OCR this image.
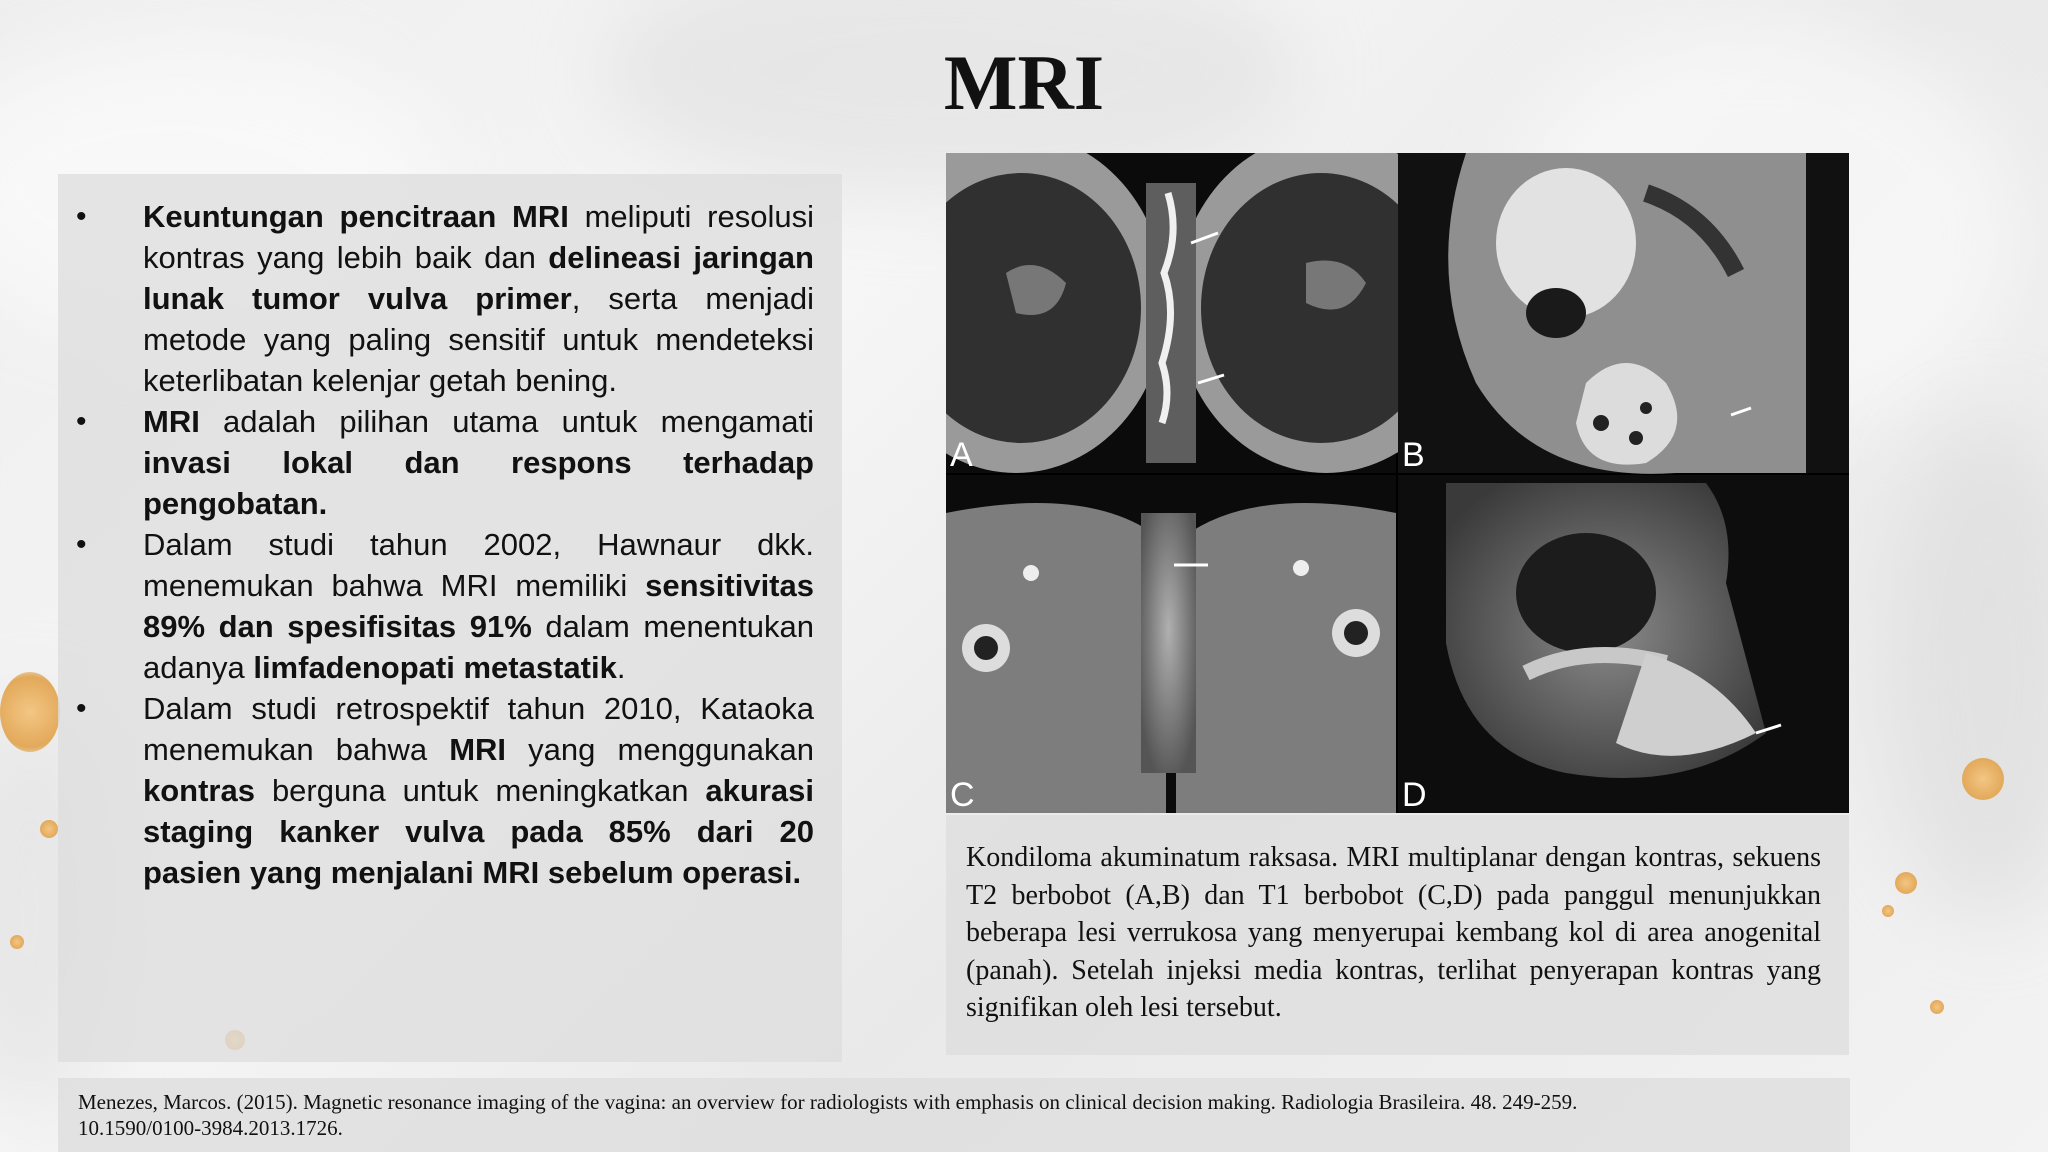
MRI
• Keuntungan pencitraan MRI meliputi resolusi kontras yang lebih baik dan delineasi jaringan lunak tumor vulva primer, serta menjadi metode yang paling sensitif untuk mendeteksi keterlibatan kelenjar getah bening.
• MRI adalah pilihan utama untuk mengamati invasi lokal dan respons terhadap pengobatan.
• Dalam studi tahun 2002, Hawnaur dkk. menemukan bahwa MRI memiliki sensitivitas 89% dan spesifisitas 91% dalam menentukan adanya limfadenopati metastatik.
• Dalam studi retrospektif tahun 2010, Kataoka menemukan bahwa MRI yang menggunakan kontras berguna untuk meningkatkan akurasi staging kanker vulva pada 85% dari 20 pasien yang menjalani MRI sebelum operasi.
A	B
C	D
Kondiloma akuminatum raksasa. MRI multiplanar dengan kontras, sekuens T2 berbobot (A,B) dan T1 berbobot (C,D) pada panggul menunjukkan beberapa lesi verrukosa yang menyerupai kembang kol di area anogenital (panah). Setelah injeksi media kontras, terlihat penyerapan kontras yang signifikan oleh lesi tersebut.
Menezes, Marcos. (2015). Magnetic resonance imaging of the vagina: an overview for radiologists with emphasis on clinical decision making. Radiologia Brasileira. 48. 249-259.
10.1590/0100-3984.2013.1726.
